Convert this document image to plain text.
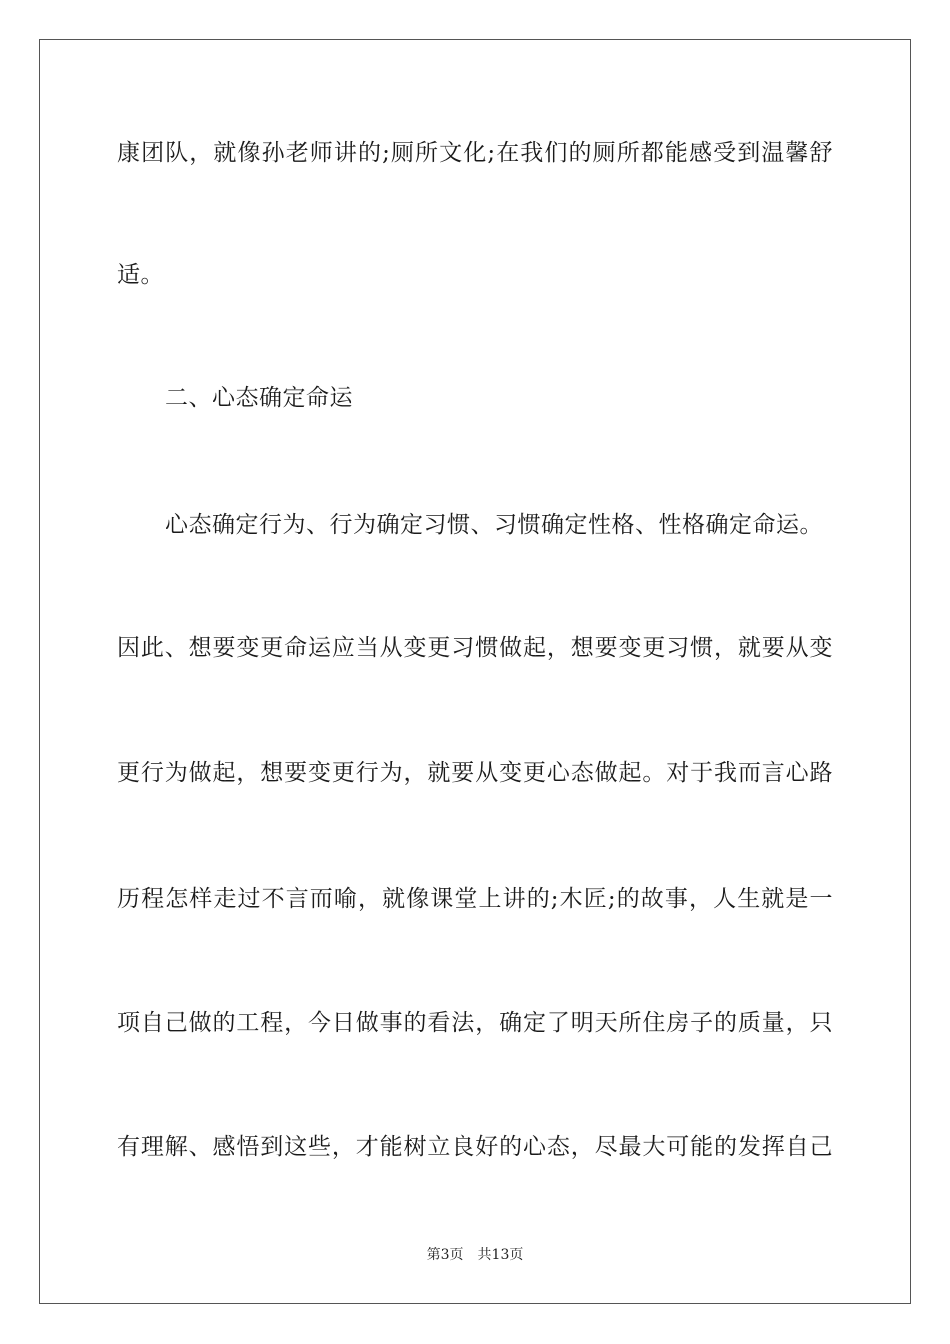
康团队，就像孙老师讲的;厕所文化;在我们的厕所都能感受到温馨舒
适。
二、心态确定命运
心态确定行为、行为确定习惯、习惯确定性格、性格确定命运。
因此、想要变更命运应当从变更习惯做起，想要变更习惯，就要从变
更行为做起，想要变更行为，就要从变更心态做起。对于我而言心路
历程怎样走过不言而喻，就像课堂上讲的;木匠;的故事，人生就是一
项自己做的工程，今日做事的看法，确定了明天所住房子的质量，只
有理解、感悟到这些，才能树立良好的心态，尽最大可能的发挥自己
第3页 共13页
